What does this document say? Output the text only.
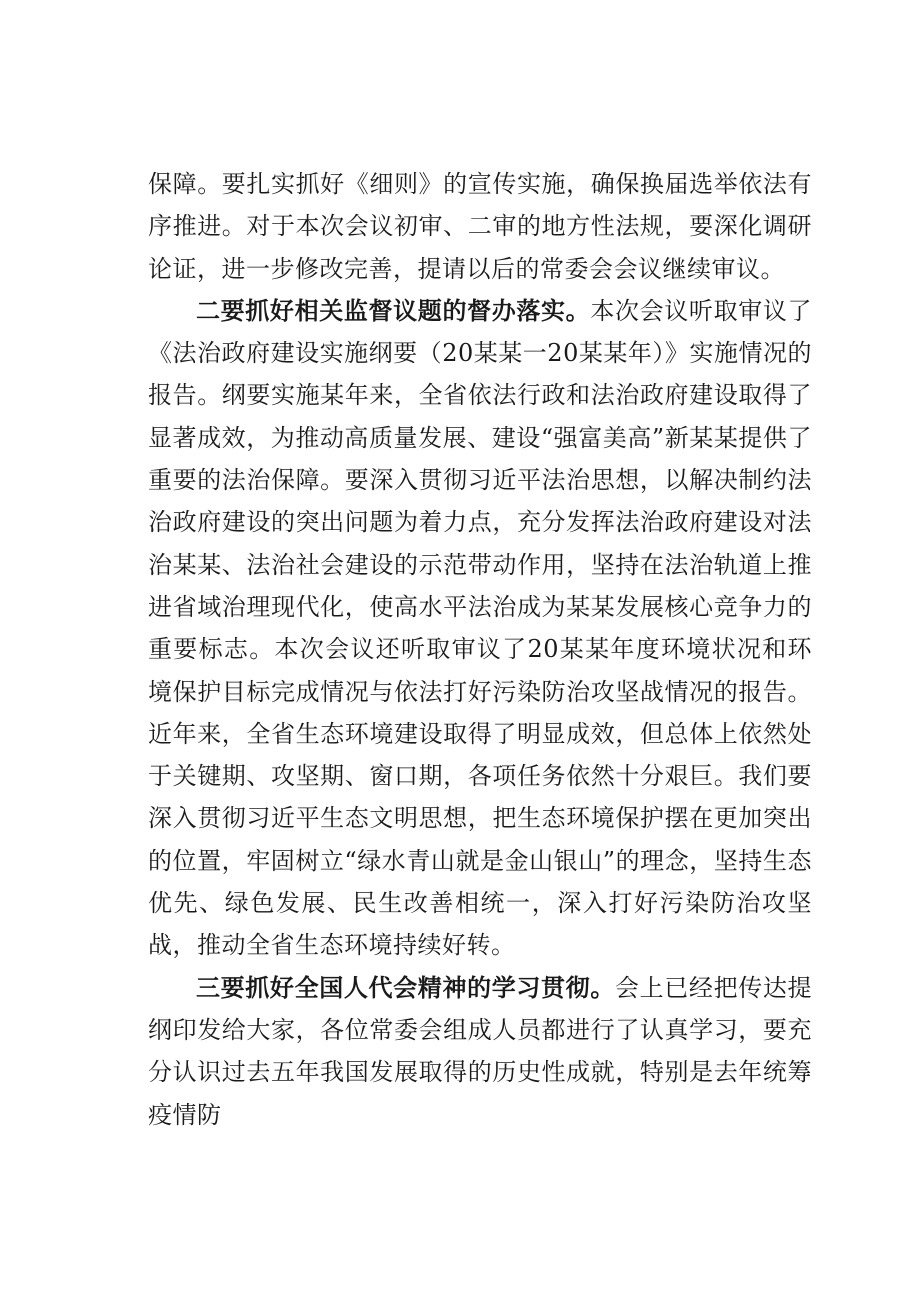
保障。要扎实抓好《细则》的宣传实施，确保换届选举依法有序推进。对于本次会议初审、二审的地方性法规，要深化调研论证，进一步修改完善，提请以后的常委会会议继续审议。

二要抓好相关监督议题的督办落实。本次会议听取审议了《法治政府建设实施纲要（20某某一20某某年）》实施情况的报告。纲要实施某年来，全省依法行政和法治政府建设取得了显著成效，为推动高质量发展、建设“强富美高”新某某提供了重要的法治保障。要深入贯彻习近平法治思想，以解决制约法治政府建设的突出问题为着力点，充分发挥法治政府建设对法治某某、法治社会建设的示范带动作用，坚持在法治轨道上推进省域治理现代化，使高水平法治成为某某发展核心竞争力的重要标志。本次会议还听取审议了20某某年度环境状况和环境保护目标完成情况与依法打好污染防治攻坚战情况的报告。近年来，全省生态环境建设取得了明显成效，但总体上依然处于关键期、攻坚期、窗口期，各项任务依然十分艰巨。我们要深入贯彻习近平生态文明思想，把生态环境保护摆在更加突出的位置，牢固树立“绿水青山就是金山银山”的理念，坚持生态优先、绿色发展、民生改善相统一，深入打好污染防治攻坚战，推动全省生态环境持续好转。

三要抓好全国人代会精神的学习贯彻。会上已经把传达提纲印发给大家，各位常委会组成人员都进行了认真学习，要充分认识过去五年我国发展取得的历史性成就，特别是去年统筹疫情防
